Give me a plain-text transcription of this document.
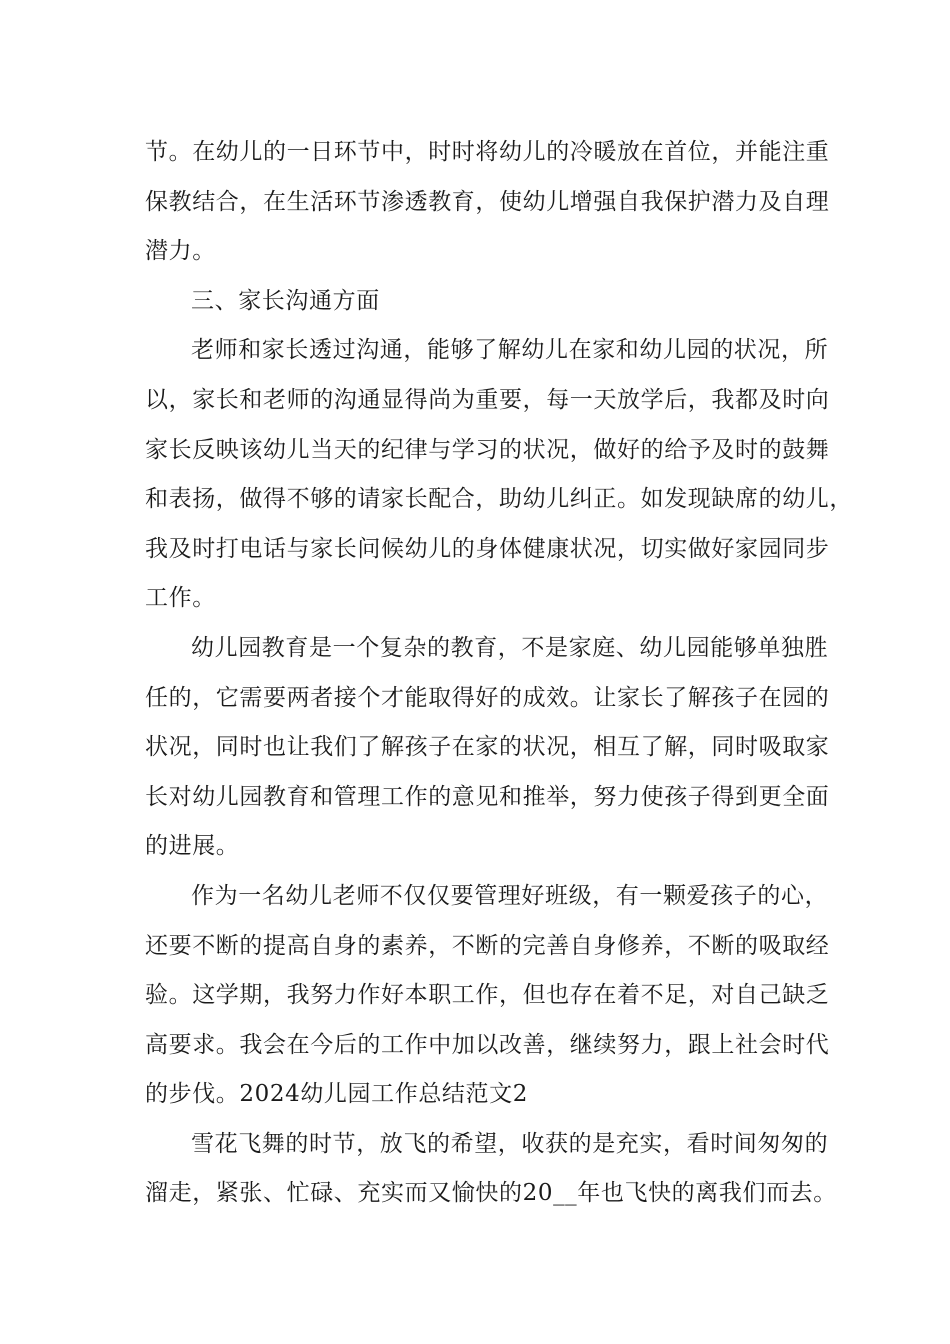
节。在幼儿的一日环节中，时时将幼儿的冷暖放在首位，并能注重
保教结合，在生活环节渗透教育，使幼儿增强自我保护潜力及自理
潜力。

三、家长沟通方面

老师和家长透过沟通，能够了解幼儿在家和幼儿园的状况，所
以，家长和老师的沟通显得尚为重要，每一天放学后，我都及时向
家长反映该幼儿当天的纪律与学习的状况，做好的给予及时的鼓舞
和表扬，做得不够的请家长配合，助幼儿纠正。如发现缺席的幼儿，
我及时打电话与家长问候幼儿的身体健康状况，切实做好家园同步
工作。

幼儿园教育是一个复杂的教育，不是家庭、幼儿园能够单独胜
任的，它需要两者接个才能取得好的成效。让家长了解孩子在园的
状况，同时也让我们了解孩子在家的状况，相互了解，同时吸取家
长对幼儿园教育和管理工作的意见和推举，努力使孩子得到更全面
的进展。

作为一名幼儿老师不仅仅要管理好班级，有一颗爱孩子的心，
还要不断的提高自身的素养，不断的完善自身修养，不断的吸取经
验。这学期，我努力作好本职工作，但也存在着不足，对自己缺乏
高要求。我会在今后的工作中加以改善，继续努力，跟上社会时代
的步伐。2024幼儿园工作总结范文2

雪花飞舞的时节，放飞的希望，收获的是充实，看时间匆匆的
溜走，紧张、忙碌、充实而又愉快的20__年也飞快的离我们而去。
